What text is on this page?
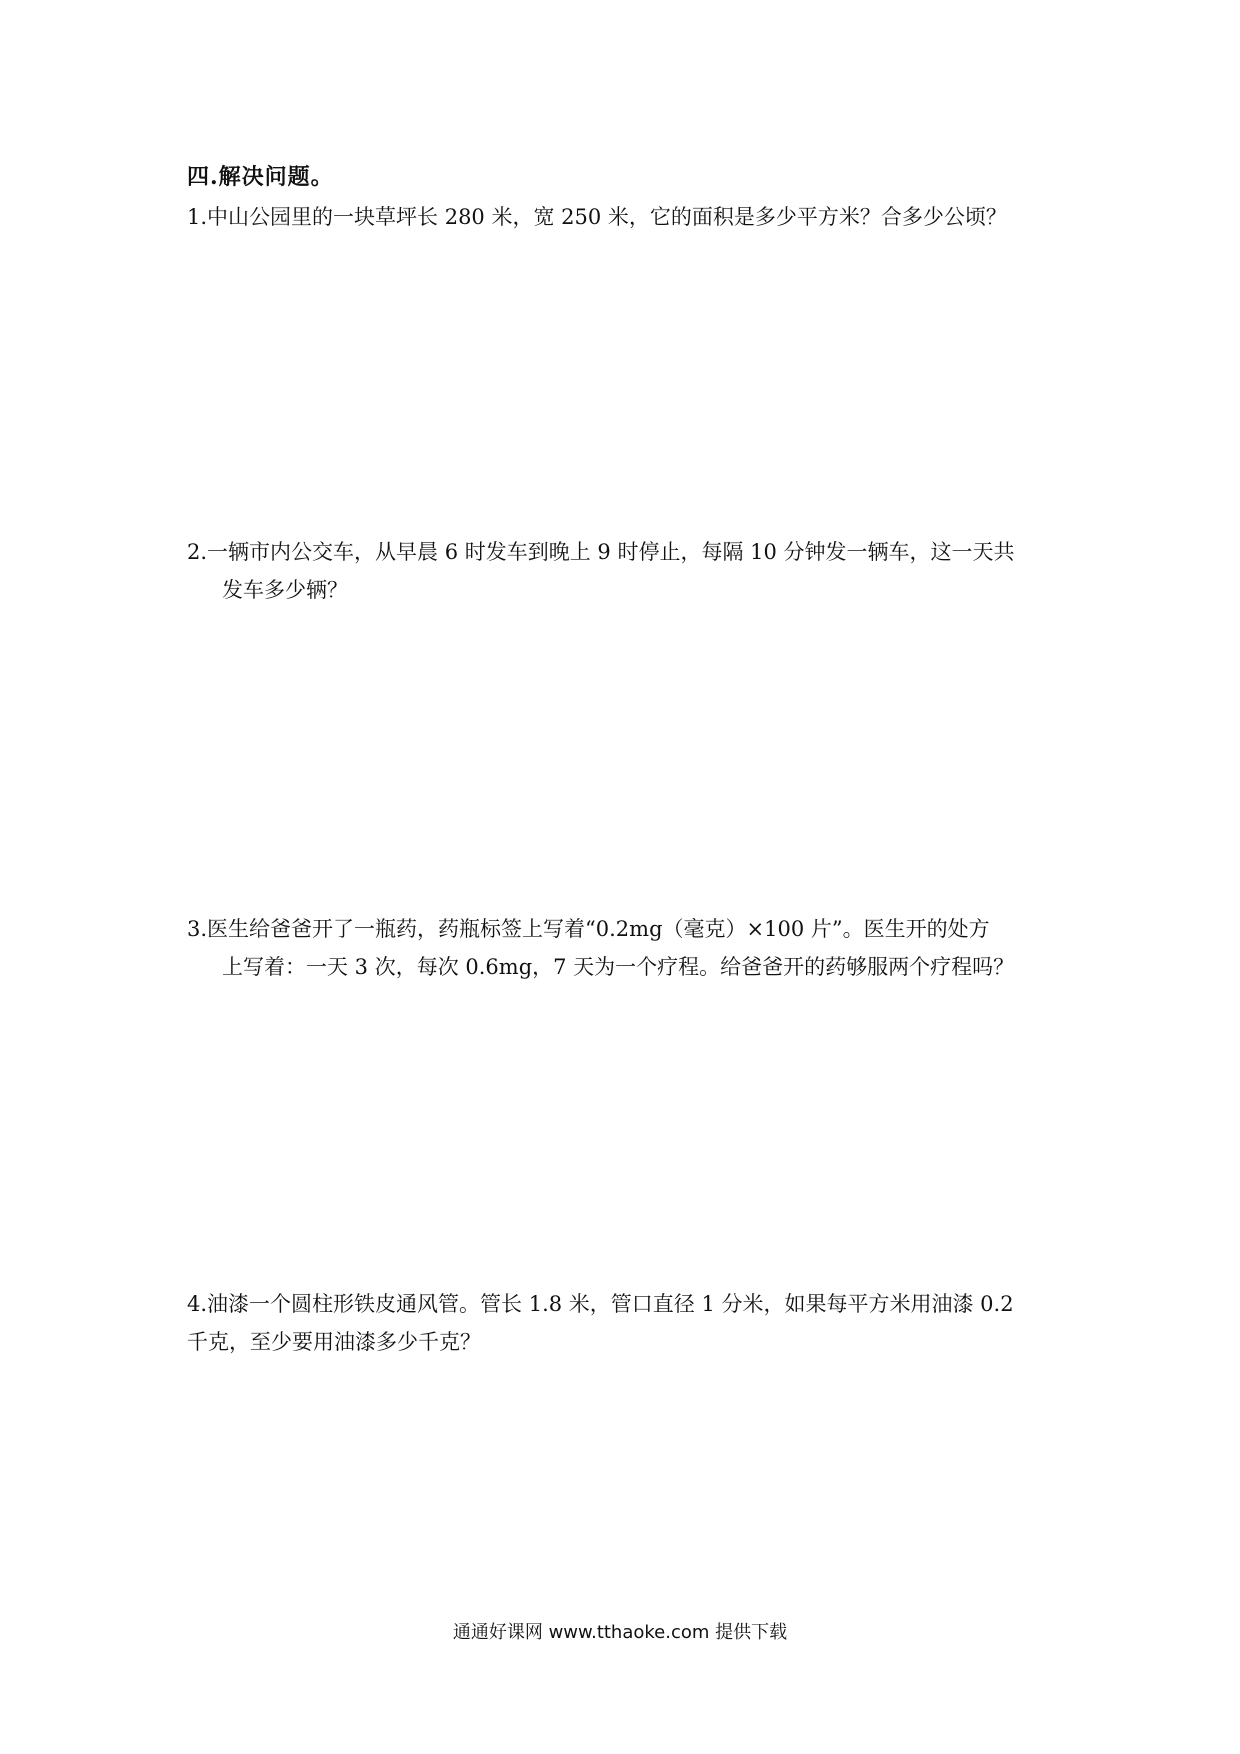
四.解决问题。
1.中山公园里的一块草坪长 280 米，宽 250 米，它的面积是多少平方米？合多少公顷？
2.一辆市内公交车，从早晨 6 时发车到晚上 9 时停止，每隔 10 分钟发一辆车，这一天共
发车多少辆？
3.医生给爸爸开了一瓶药，药瓶标签上写着“0.2mg（毫克）×100 片”。医生开的处方
上写着：一天 3 次，每次 0.6mg，7 天为一个疗程。给爸爸开的药够服两个疗程吗？
4.油漆一个圆柱形铁皮通风管。管长 1.8 米，管口直径 1 分米，如果每平方米用油漆 0.2
千克，至少要用油漆多少千克？
通通好课网 www.tthaoke.com 提供下载
